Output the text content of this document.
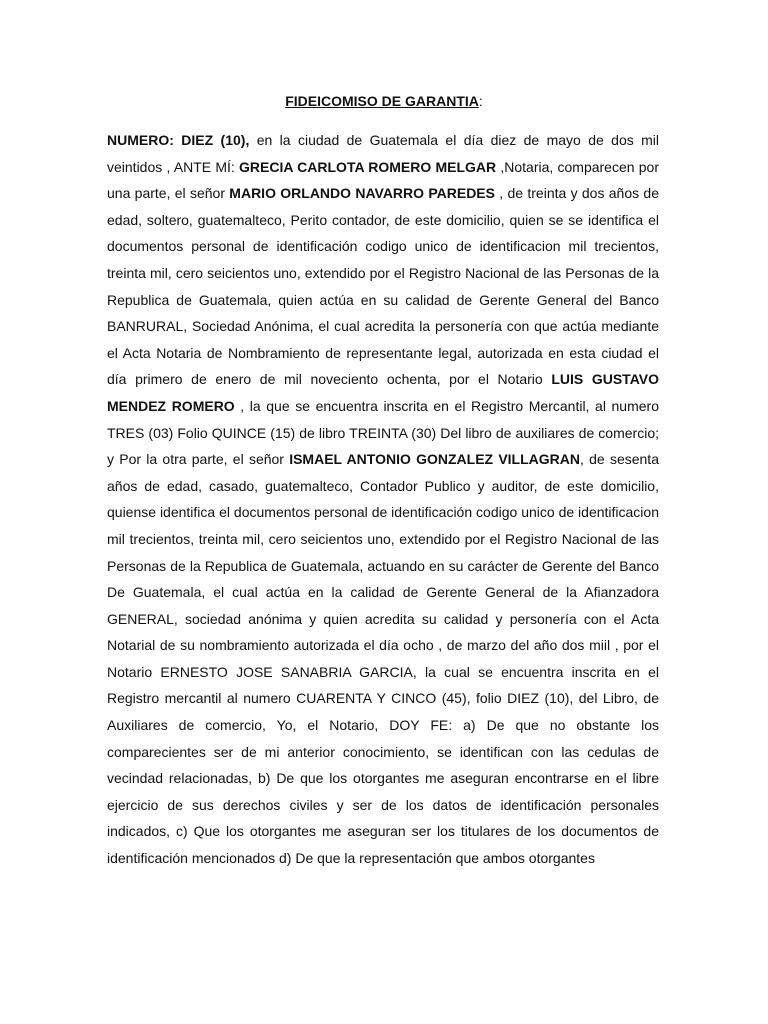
FIDEICOMISO DE GARANTIA:

NUMERO: DIEZ (10), en la ciudad de Guatemala el día diez de mayo de dos mil veintidos , ANTE MÍ: GRECIA CARLOTA ROMERO MELGAR ,Notaria, comparecen por una parte, el señor MARIO ORLANDO NAVARRO PAREDES , de treinta y dos años de edad, soltero, guatemalteco, Perito contador, de este domicilio, quien se se identifica el documentos personal de identificación codigo unico de identificacion mil trecientos, treinta mil, cero seicientos uno, extendido por el Registro Nacional de las Personas de la Republica de Guatemala, quien actúa en su calidad de Gerente General del Banco BANRURAL, Sociedad Anónima, el cual acredita la personería con que actúa mediante el Acta Notaria de Nombramiento de representante legal, autorizada en esta ciudad el día primero de enero de mil noveciento ochenta, por el Notario LUIS GUSTAVO MENDEZ ROMERO , la que se encuentra inscrita en el Registro Mercantil, al numero TRES (03) Folio QUINCE (15) de libro TREINTA (30) Del libro de auxiliares de comercio; y Por la otra parte, el señor ISMAEL ANTONIO GONZALEZ VILLAGRAN, de sesenta años de edad, casado, guatemalteco, Contador Publico y auditor, de este domicilio, quiense identifica el documentos personal de identificación codigo unico de identificacion mil trecientos, treinta mil, cero seicientos uno, extendido por el Registro Nacional de las Personas de la Republica de Guatemala, actuando en su carácter de Gerente del Banco De Guatemala, el cual actúa en la calidad de Gerente General de la Afianzadora GENERAL, sociedad anónima y quien acredita su calidad y personería con el Acta Notarial de su nombramiento autorizada el día ocho , de marzo del año dos miil , por el Notario ERNESTO JOSE SANABRIA GARCIA, la cual se encuentra inscrita en el Registro mercantil al numero CUARENTA Y CINCO (45), folio DIEZ (10), del Libro, de Auxiliares de comercio, Yo, el Notario, DOY FE: a) De que no obstante los comparecientes ser de mi anterior conocimiento, se identifican con las cedulas de vecindad relacionadas, b) De que los otorgantes me aseguran encontrarse en el libre ejercicio de sus derechos civiles y ser de los datos de identificación personales indicados, c) Que los otorgantes me aseguran ser los titulares de los documentos de identificación mencionados d) De que la representación que ambos otorgantes
